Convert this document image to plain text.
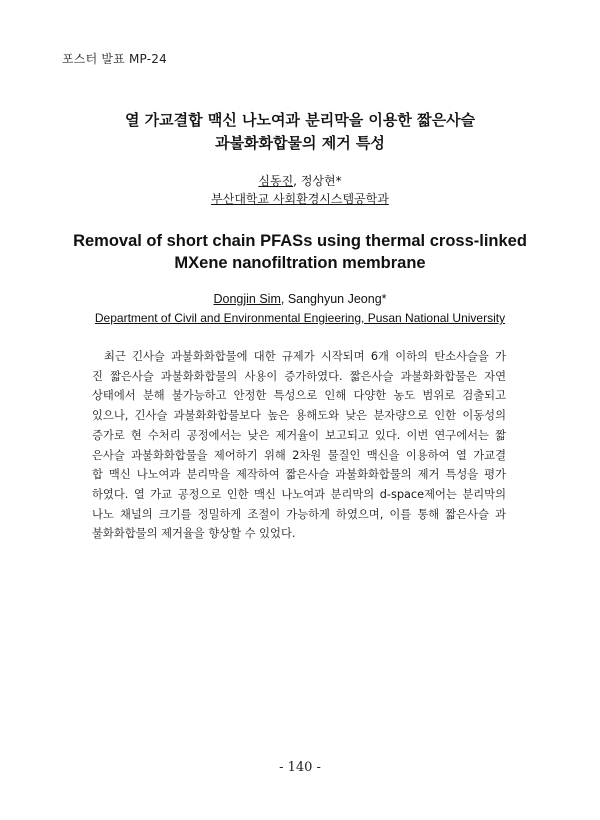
포스터 발표 MP-24
열 가교결합 맥신 나노여과 분리막을 이용한 짧은사슬
과불화화합물의 제거 특성
심동진, 정상현*
부산대학교 사회환경시스템공학과
Removal of short chain PFASs using thermal cross-linked
MXene nanofiltration membrane
Dongjin Sim, Sanghyun Jeong*
Department of Civil and Environmental Engieering, Pusan National University
최근 긴사슬 과불화화합물에 대한 규제가 시작되며 6개 이하의 탄소사슬을 가
진 짧은사슬 과불화화합물의 사용이 증가하였다. 짧은사슬 과불화화합물은 자연
상태에서 분해 불가능하고 안정한 특성으로 인해 다양한 농도 범위로 검출되고
있으나, 긴사슬 과불화화합물보다 높은 용해도와 낮은 분자량으로 인한 이동성의
증가로 현 수처리 공정에서는 낮은 제거율이 보고되고 있다. 이번 연구에서는 짧
은사슬 과불화화합물을 제어하기 위해 2차원 물질인 맥신을 이용하여 열 가교결
합 맥신 나노여과 분리막을 제작하여 짧은사슬 과불화화합물의 제거 특성을 평가
하였다. 열 가교 공정으로 인한 맥신 나노여과 분리막의 d-space제어는 분리막의
나노 채널의 크기를 정밀하게 조절이 가능하게 하였으며, 이를 통해 짧은사슬 과
불화화합물의 제거율을 향상할 수 있었다.
- 140 -
